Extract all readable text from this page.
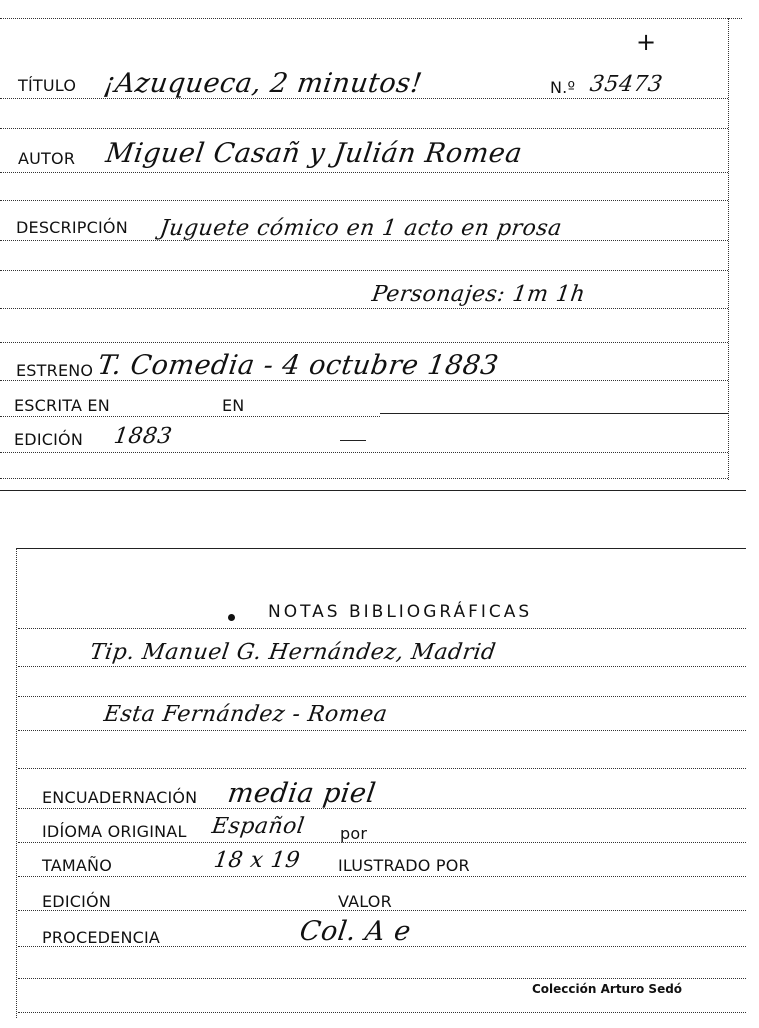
+
TÍTULO ¡Azuqueca, 2 minutos!	N.º 35473
AUTOR Miguel Casañ y Julián Romea
DESCRIPCIÓN Juguete cómico en 1 acto en prosa
Personajes: 1m 1h
ESTRENO T. Comedia - 4 octubre 1883
ESCRITA EN	EN
EDICIÓN 1883
NOTAS BIBLIOGRÁFICAS
Tip. Manuel G. Hernández, Madrid
Esta Fernández - Romea
ENCUADERNACIÓN media piel
IDÍOMA ORIGINAL Español por
TAMAÑO	18 x 19 ILUSTRADO POR
EDICIÓN	VALOR
PROCEDENCIA	Col. A e
Colección Arturo Sedó
